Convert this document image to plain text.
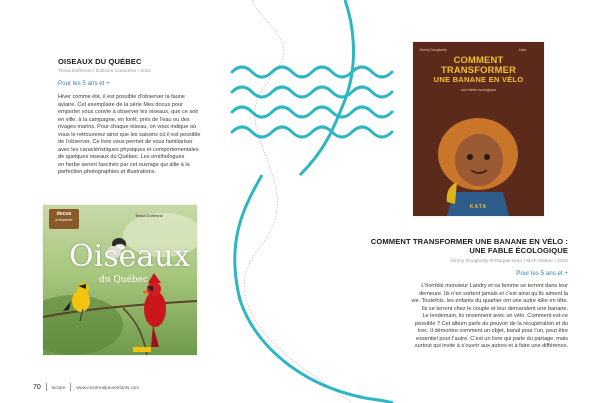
OISEAUX DU QUÉBEC
Tessa Dufresne / Éditions Caractère / 2021
Pour les 5 ans et +
Hiver comme été, il est possible d’observer la faune
aviaire. Cet exemplaire de la série Mes docus pour
emporter vous convie à observer les oiseaux, que ce soit
en ville, à la campagne, en forêt, près de l’eau ou des
rivages marins. Pour chaque oiseau, on vous indique où
vous le retrouverez ainsi que les saisons où il est possible
de l’observer. Ce livre vous permet de vous familiariser
avec les caractéristiques physiques et comportementales
de quelques oiseaux du Québec. Les ornithologues
en herbe seront fascinés par cet ouvrage qui allie à la
perfection photographies et illustrations.
docus
à emporter
Tessa Dufresne
Oiseaux
du Québec
Jimmy Dougherty	Kata
COMMENT
TRANSFORMER
UNE BANANE EN VÉLO
une fable écologique
KATA
COMMENT TRANSFORMER UNE BANANE EN VÉLO :
UNE FABLE ÉCOLOGIQUE
Jimmy Dougherty et Raquel Hum / MAP éditeur / 2020
Pour les 5 ans et +
L’horrible monsieur Landry et sa femme se terrent dans leur
demeure. Ils n’en sortent jamais et c’est ainsi qu’ils aiment la
vie. Toutefois, les enfants du quartier ont une autre idée en tête.
Ils se terrent chez le couple et leur demandent une banane.
Le lendemain, ils reviennent avec un vélo. Comment est-ce
possible ? Cet album parle du pouvoir de la récupération et du
troc. Il démontre comment un objet, banal pour l’un, peut être
essentiel pour l’autre. C’est un livre qui parle du partage, mais
surtout qui invite à s’ouvrir aux autres et à faire une différence.
70 lecture www.montrealpourenfants.com
